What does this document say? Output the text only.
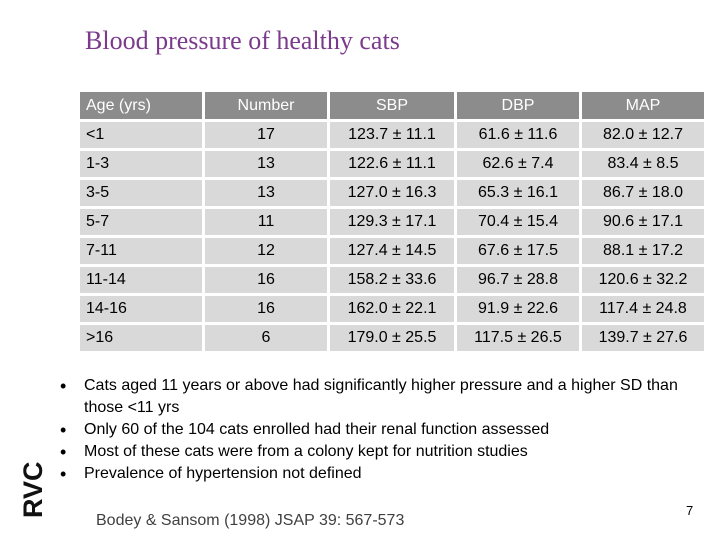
Blood pressure of healthy cats
Age (yrs)	Number	SBP	DBP	MAP
<1	17	123.7 ± 11.1	61.6 ± 11.6	82.0 ± 12.7
1-3	13	122.6 ± 11.1	62.6 ± 7.4	83.4 ± 8.5
3-5	13	127.0 ± 16.3	65.3 ± 16.1	86.7 ± 18.0
5-7	11	129.3 ± 17.1	70.4 ± 15.4	90.6 ± 17.1
7-11	12	127.4 ± 14.5	67.6 ± 17.5	88.1 ± 17.2
11-14	16	158.2 ± 33.6	96.7 ± 28.8	120.6 ± 32.2
14-16	16	162.0 ± 22.1	91.9 ± 22.6	117.4 ± 24.8
>16	6	179.0 ± 25.5	117.5 ± 26.5	139.7 ± 27.6
• Cats aged 11 years or above had significantly higher pressure and a higher SD than those <11 yrs
• Only 60 of the 104 cats enrolled had their renal function assessed
• Most of these cats were from a colony kept for nutrition studies
• Prevalence of hypertension not defined
RVC
Bodey & Sansom (1998) JSAP 39: 567-573
7
